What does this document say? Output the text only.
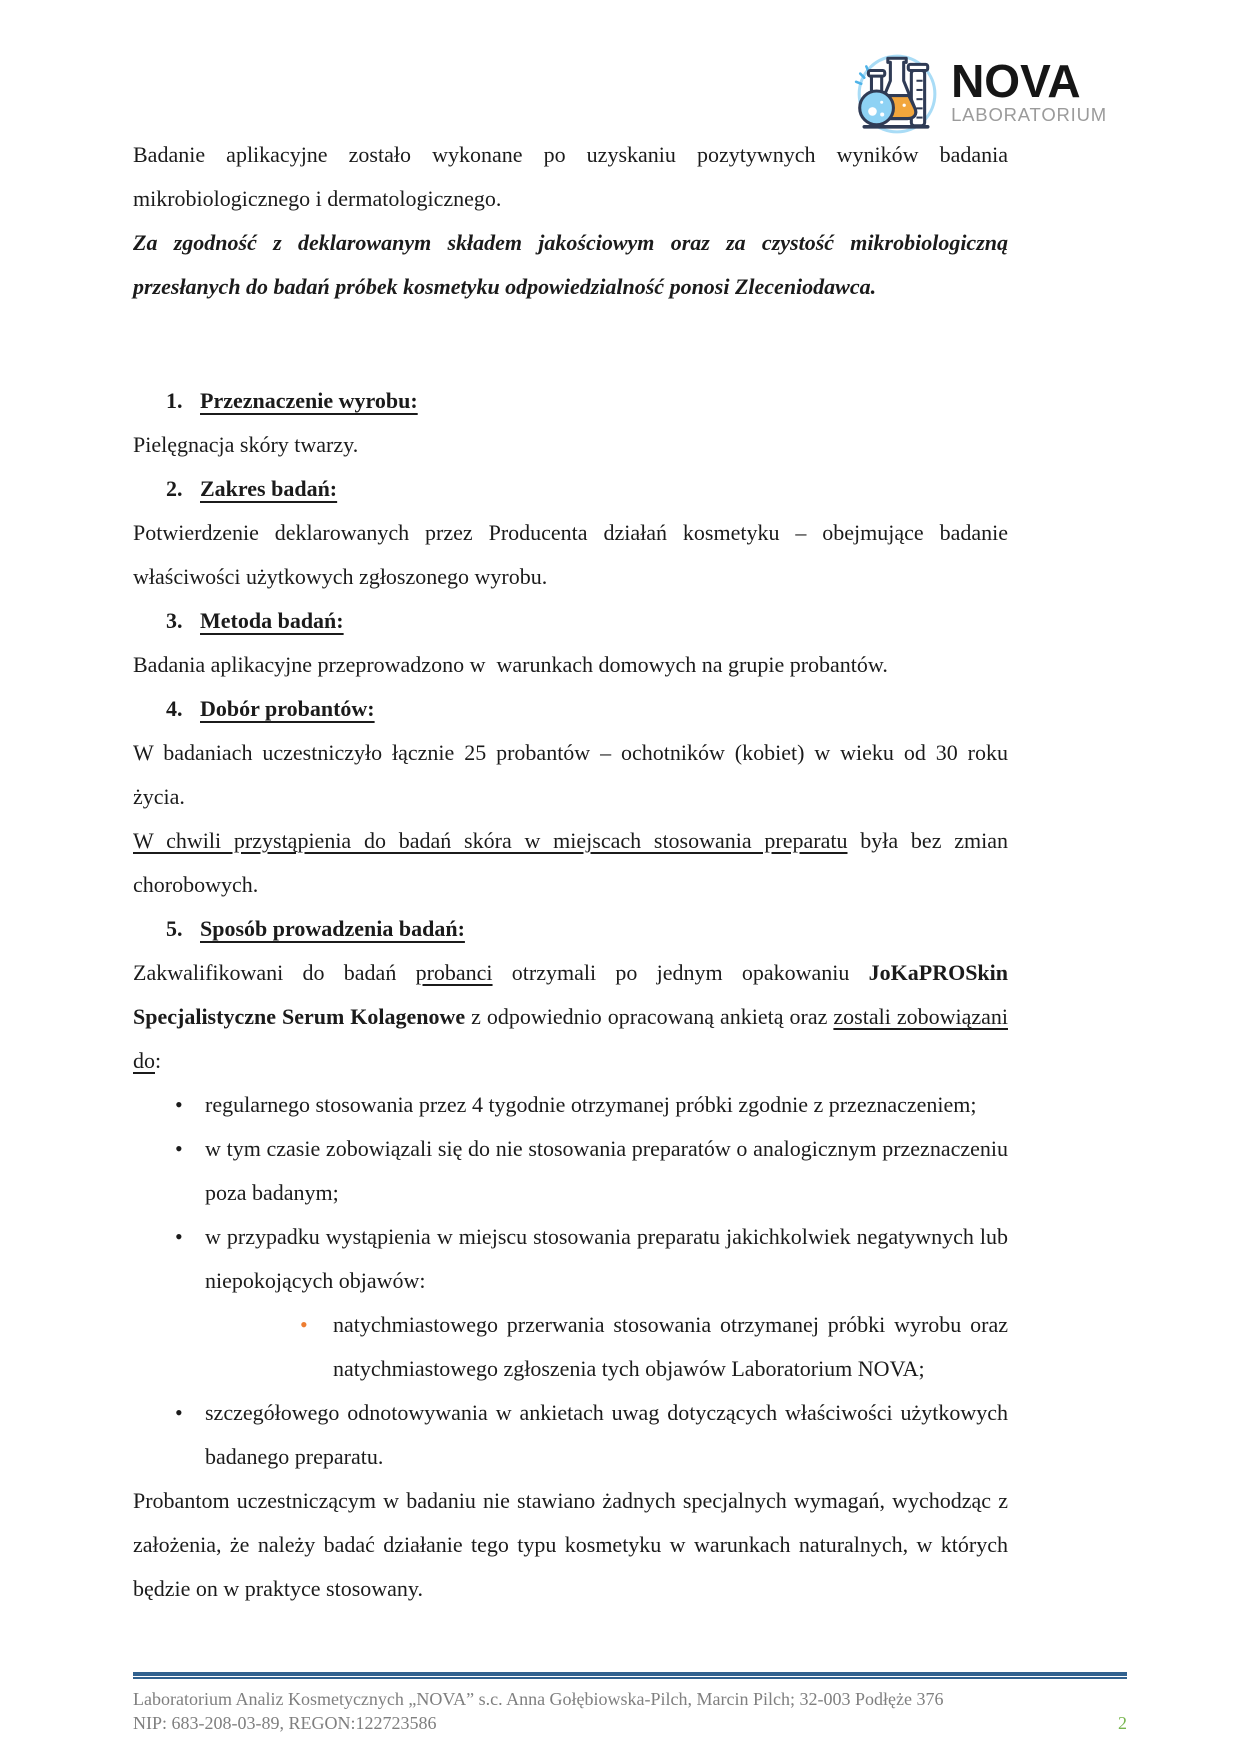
NOVA
LABORATORIUM

Badanie aplikacyjne zostało wykonane po uzyskaniu pozytywnych wyników badania mikrobiologicznego i dermatologicznego.

Za zgodność z deklarowanym składem jakościowym oraz za czystość mikrobiologiczną przesłanych do badań próbek kosmetyku odpowiedzialność ponosi Zleceniodawca.

1. Przeznaczenie wyrobu:

Pielęgnacja skóry twarzy.

2. Zakres badań:

Potwierdzenie deklarowanych przez Producenta działań kosmetyku – obejmujące badanie właściwości użytkowych zgłoszonego wyrobu.

3. Metoda badań:

Badania aplikacyjne przeprowadzono w  warunkach domowych na grupie probantów.

4. Dobór probantów:

W badaniach uczestniczyło łącznie 25 probantów – ochotników (kobiet) w wieku od 30 roku życia.

W chwili przystąpienia do badań skóra w miejscach stosowania preparatu była bez zmian chorobowych.

5. Sposób prowadzenia badań:

Zakwalifikowani do badań probanci otrzymali po jednym opakowaniu JoKaPROSkin Specjalistyczne Serum Kolagenowe z odpowiednio opracowaną ankietą oraz zostali zobowiązani do:

•

regularnego stosowania przez 4 tygodnie otrzymanej próbki zgodnie z przeznaczeniem;

•

w tym czasie zobowiązali się do nie stosowania preparatów o analogicznym przeznaczeniu poza badanym;

•

w przypadku wystąpienia w miejscu stosowania preparatu jakichkolwiek negatywnych lub niepokojących objawów:

•

natychmiastowego przerwania stosowania otrzymanej próbki wyrobu oraz natychmiastowego zgłoszenia tych objawów Laboratorium NOVA;

•

szczegółowego odnotowywania w ankietach uwag dotyczących właściwości użytkowych badanego preparatu.

Probantom uczestniczącym w badaniu nie stawiano żadnych specjalnych wymagań, wychodząc z założenia, że należy badać działanie tego typu kosmetyku w warunkach naturalnych, w których będzie on w praktyce stosowany.

Laboratorium Analiz Kosmetycznych „NOVA” s.c. Anna Gołębiowska-Pilch, Marcin Pilch; 32-003 Podłęże 376

NIP: 683-208-03-89, REGON:122723586	2
